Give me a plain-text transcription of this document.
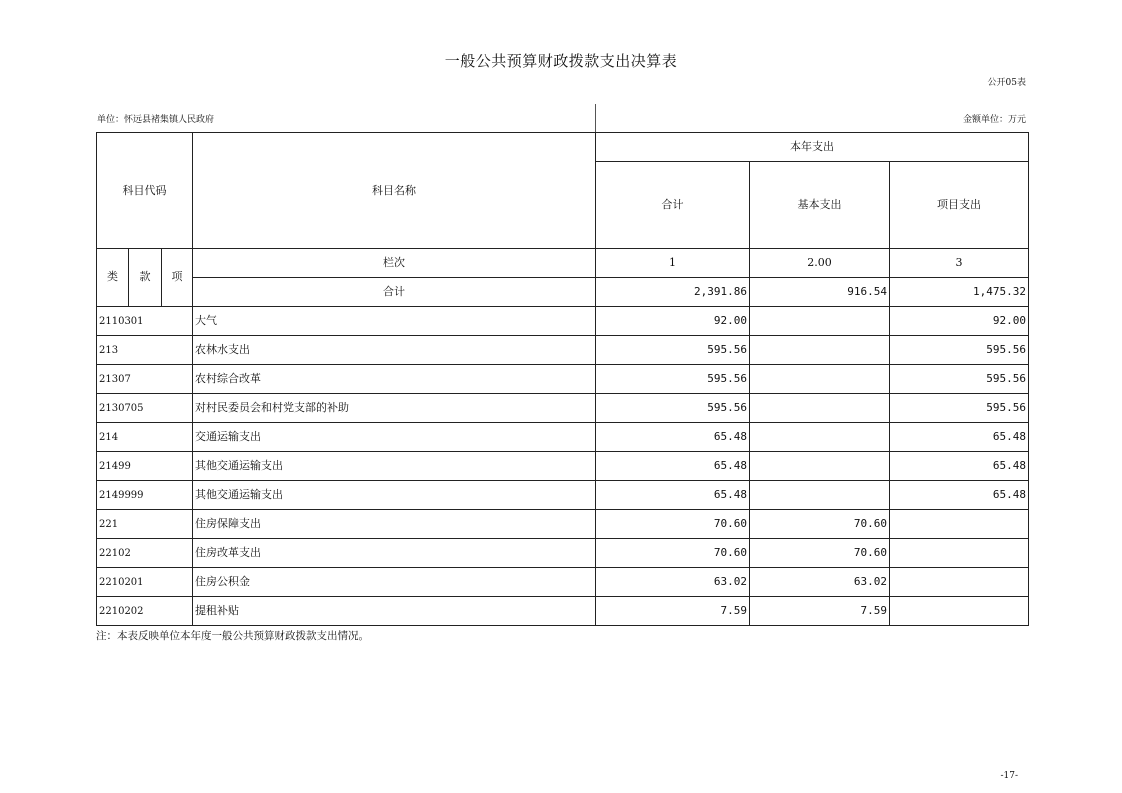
一般公共预算财政拨款支出决算表
公开05表
单位：怀远县褚集镇人民政府	金额单位：万元
科目代码			科目名称	本年支出		
				合计	基本支出	项目支出
类	款	项	栏次	1	2.00	3
			合计	2,391.86	916.54	1,475.32
2110301			大气	92.00		92.00
213			农林水支出	595.56		595.56
21307			农村综合改革	595.56		595.56
2130705			对村民委员会和村党支部的补助	595.56		595.56
214			交通运输支出	65.48		65.48
21499			其他交通运输支出	65.48		65.48
2149999			其他交通运输支出	65.48		65.48
221			住房保障支出	70.60	70.60	
22102			住房改革支出	70.60	70.60	
2210201			住房公积金	63.02	63.02	
2210202			提租补贴	7.59	7.59	
注：本表反映单位本年度一般公共预算财政拨款支出情况。
-17-
